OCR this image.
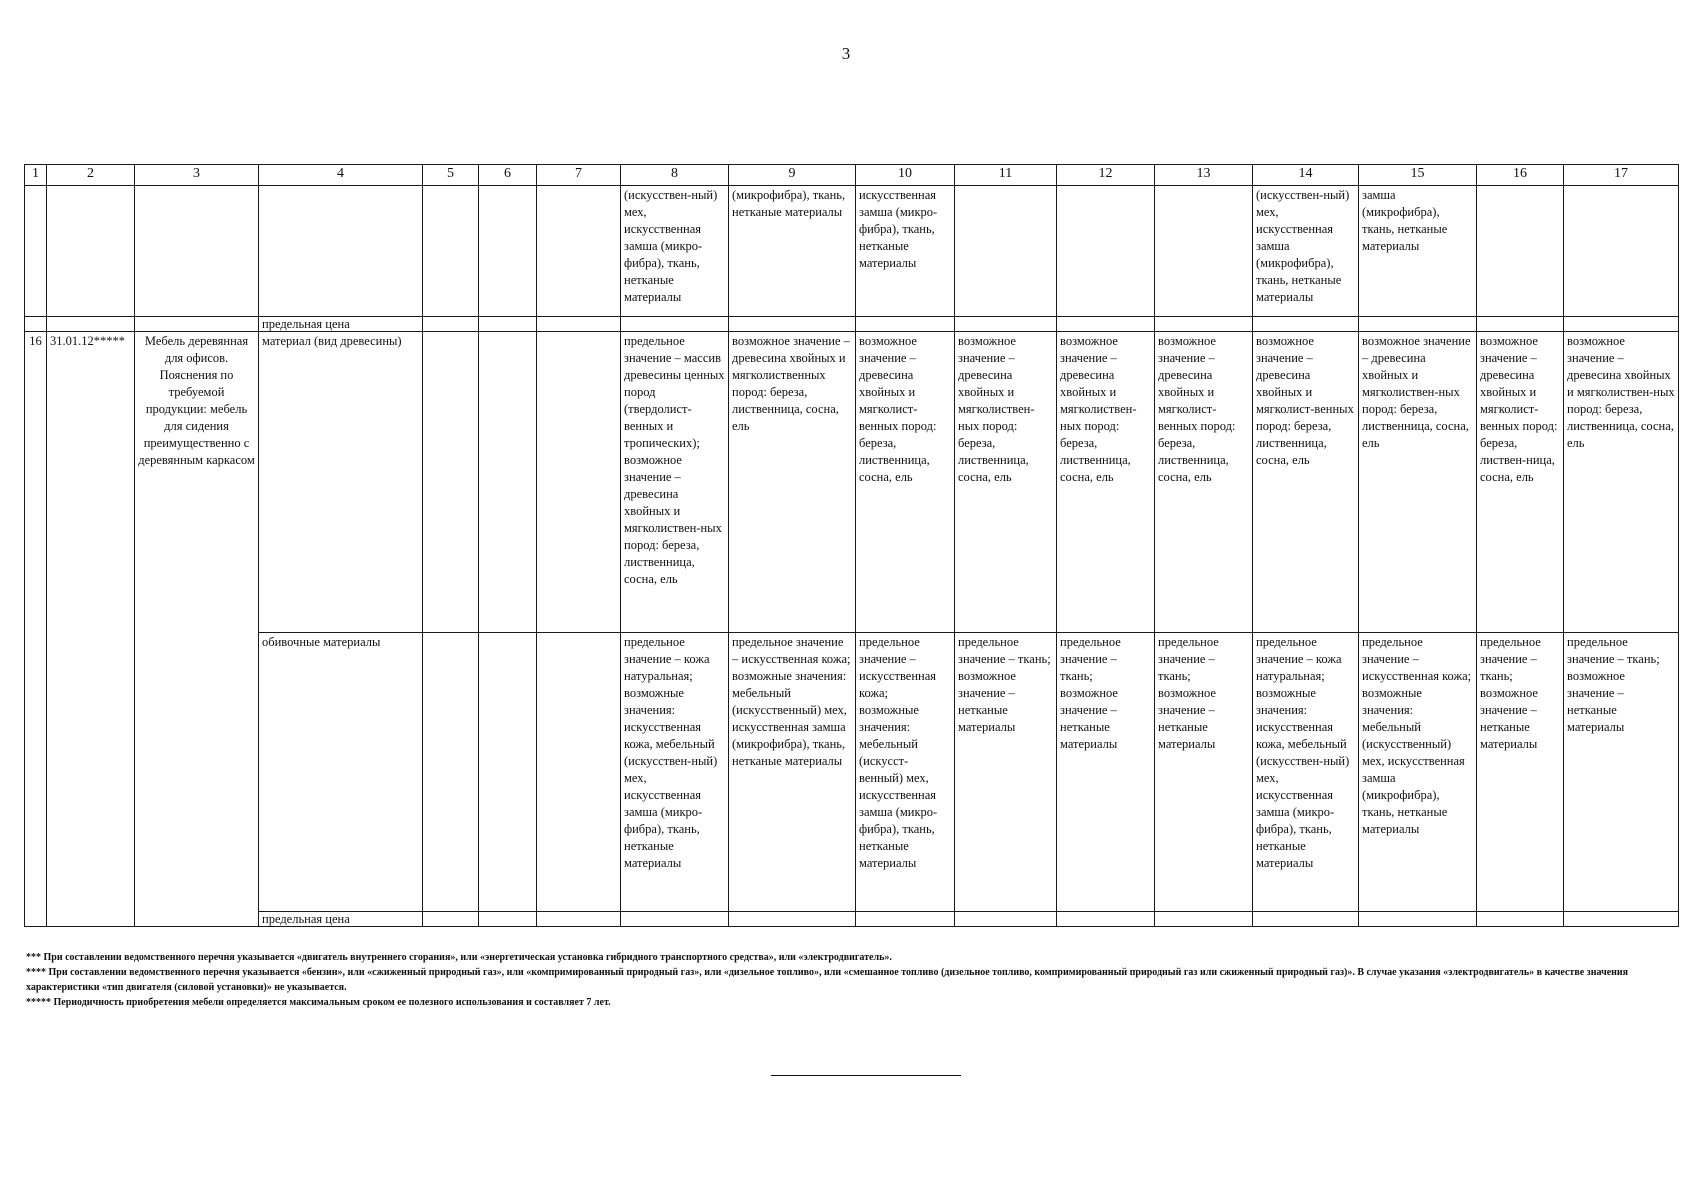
3
1	2	3	4	5	6	7	8	9	10	11	12	13	14	15	16	17
							(искусствен-ный) мех, искусственная замша (микро-фибра), ткань, нетканые материалы	(микрофибра), ткань, нетканые материалы	искусственная замша (микро-фибра), ткань, нетканые материалы				(искусствен-ный) мех, искусственная замша (микрофибра), ткань, нетканые материалы	замша (микрофибра), ткань, нетканые материалы		
			предельная цена													
16	31.01.12*****	Мебель деревянная для офисов. Пояснения по требуемой продукции: мебель для сидения преимущественно с деревянным каркасом	материал (вид древесины)				предельное значение – массив древесины ценных пород (твердолист-венных и тропических); возможное значение – древесина хвойных и мягколиствен-ных пород: береза, лиственница, сосна, ель	возможное значение – древесина хвойных и мягколиственных пород: береза, лиственница, сосна, ель	возможное значение – древесина хвойных и мягколист-венных пород: береза, лиственница, сосна, ель	возможное значение – древесина хвойных и мягколиствен-ных пород: береза, лиственница, сосна, ель	возможное значение – древесина хвойных и мягколиствен-ных пород: береза, лиственница, сосна, ель	возможное значение – древесина хвойных и мягколист-венных пород: береза, лиственница, сосна, ель	возможное значение – древесина хвойных и мягколист-венных пород: береза, лиственница, сосна, ель	возможное значение – древесина хвойных и мягколиствен-ных пород: береза, лиственница, сосна, ель	возможное значение – древесина хвойных и мягколист-венных пород: береза, листвен-ница, сосна, ель	возможное значение – древесина хвойных и мягколиствен-ных пород: береза, лиственница, сосна, ель
			обивочные материалы				предельное значение – кожа натуральная; возможные значения: искусственная кожа, мебельный (искусствен-ный) мех, искусственная замша (микро-фибра), ткань, нетканые материалы	предельное значение – искусственная кожа; возможные значения: мебельный (искусственный) мех, искусственная замша (микрофибра), ткань, нетканые материалы	предельное значение – искусственная кожа; возможные значения: мебельный (искусст-венный) мех, искусственная замша (микро-фибра), ткань, нетканые материалы	предельное значение – ткань; возможное значение – нетканые материалы	предельное значение – ткань; возможное значение – нетканые материалы	предельное значение – ткань; возможное значение – нетканые материалы	предельное значение – кожа натуральная; возможные значения: искусственная кожа, мебельный (искусствен-ный) мех, искусственная замша (микро-фибра), ткань, нетканые материалы	предельное значение – искусственная кожа; возможные значения: мебельный (искусственный) мех, искусственная замша (микрофибра), ткань, нетканые материалы	предельное значение – ткань; возможное значение – нетканые материалы	предельное значение – ткань; возможное значение – нетканые материалы
			предельная цена													

*** При составлении ведомственного перечня указывается «двигатель внутреннего сгорания», или «энергетическая установка гибридного транспортного средства», или «электродвигатель».

**** При составлении ведомственного перечня указывается «бензин», или «сжиженный природный газ», или «компримированный природный газ», или «дизельное топливо», или «смешанное топливо (дизельное топливо, компримированный природный газ или сжиженный природный газ)». В случае указания «электродвигатель» в качестве значения характеристики «тип двигателя (силовой установки)» не указывается.

***** Периодичность приобретения мебели определяется максимальным сроком ее полезного использования и составляет 7 лет.
